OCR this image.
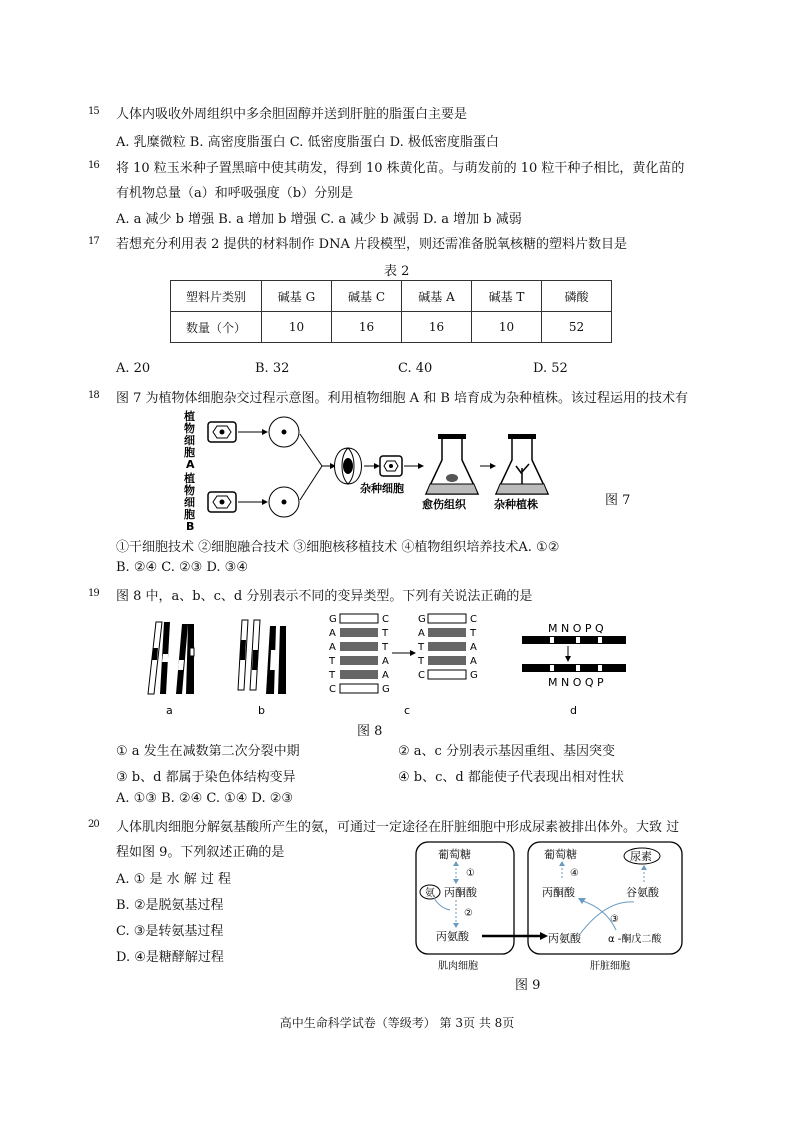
15 人体内吸收外周组织中多余胆固醇并送到肝脏的脂蛋白主要是
A. 乳糜微粒 B. 高密度脂蛋白 C. 低密度脂蛋白 D. 极低密度脂蛋白
16 将 10 粒玉米种子置黑暗中使其萌发，得到 10 株黄化苗。与萌发前的 10 粒干种子相比，黄化苗的
有机物总量（a）和呼吸强度（b）分别是
A. a 减少 b 增强 B. a 增加 b 增强 C. a 减少 b 减弱 D. a 增加 b 减弱
17 若想充分利用表 2 提供的材料制作 DNA 片段模型，则还需准备脱氧核糖的塑料片数目是
表 2
塑料片类别	碱基 G	碱基 C	碱基 A	碱基 T	磷酸
数量（个）	10	16	16	10	52
A. 20	B. 32	C. 40	D. 52
18 图 7 为植物体细胞杂交过程示意图。利用植物细胞 A 和 B 培育成为杂种植株。该过程运用的技术有
植
物
细
胞
A
植
物
细
胞
B
杂种细胞
愈伤组织	杂种植株	图 7
①干细胞技术 ②细胞融合技术 ③细胞核移植技术 ④植物组织培养技术A. ①②
B. ②④ C. ②③ D. ③④
19 图 8 中，a、b、c、d 分别表示不同的变异类型。下列有关说法正确的是
G
A
A
T
T
C
C
T
T
A
A
G
G
A
T
T
C
C
T
A
A
G
M N O P Q
M N O Q P
a	b	c	d
图 8
① a 发生在减数第二次分裂中期	② a、c 分别表示基因重组、基因突变
③ b、d 都属于染色体结构变异	④ b、c、d 都能使子代表现出相对性状
A. ①③ B. ②④ C. ①④ D. ②③
20 人体肌肉细胞分解氨基酸所产生的氨，可通过一定途径在肝脏细胞中形成尿素被排出体外。大致 过
程如图 9。下列叙述正确的是
A. ① 是 水 解 过 程
B. ②是脱氨基过程
C. ③是转氨基过程
D. ④是糖酵解过程
葡萄糖
①
氨 丙酮酸
②
丙氨酸
葡萄糖
④
尿素
丙酮酸	谷氨酸
③
丙氨酸	α -酮戊二酸
肌肉细胞	肝脏细胞
图 9
高中生命科学试卷（等级考） 第 3页 共 8页
